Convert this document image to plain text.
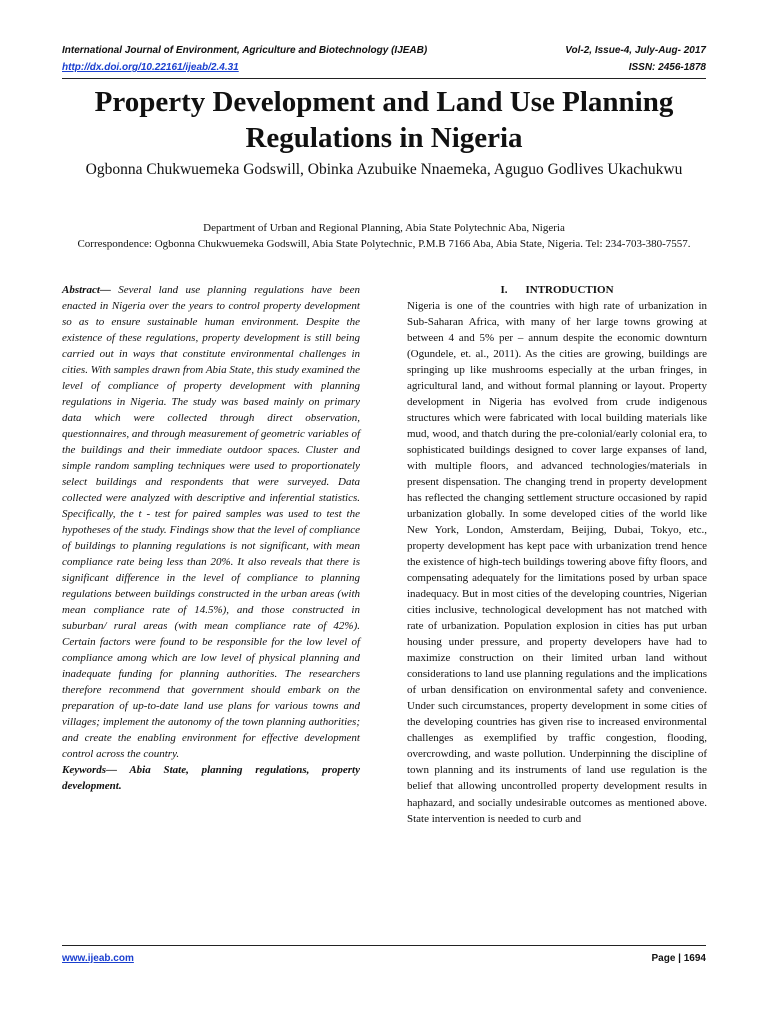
International Journal of Environment, Agriculture and Biotechnology (IJEAB)	Vol-2, Issue-4, July-Aug- 2017
http://dx.doi.org/10.22161/ijeab/2.4.31	ISSN: 2456-1878
Property Development and Land Use Planning Regulations in Nigeria
Ogbonna Chukwuemeka Godswill, Obinka Azubuike Nnaemeka, Aguguo Godlives Ukachukwu
Department of Urban and Regional Planning, Abia State Polytechnic Aba, Nigeria
Correspondence: Ogbonna Chukwuemeka Godswill, Abia State Polytechnic, P.M.B 7166 Aba, Abia State, Nigeria. Tel: 234-703-380-7557.

Abstract— Several land use planning regulations have been enacted in Nigeria over the years to control property development so as to ensure sustainable human environment. Despite the existence of these regulations, property development is still being carried out in ways that constitute environmental challenges in cities. With samples drawn from Abia State, this study examined the level of compliance of property development with planning regulations in Nigeria. The study was based mainly on primary data which were collected through direct observation, questionnaires, and through measurement of geometric variables of the buildings and their immediate outdoor spaces. Cluster and simple random sampling techniques were used to proportionately select buildings and respondents that were surveyed. Data collected were analyzed with descriptive and inferential statistics. Specifically, the t - test for paired samples was used to test the hypotheses of the study. Findings show that the level of compliance of buildings to planning regulations is not significant, with mean compliance rate being less than 20%. It also reveals that there is significant difference in the level of compliance to planning regulations between buildings constructed in the urban areas (with mean compliance rate of 14.5%), and those constructed in suburban/ rural areas (with mean compliance rate of 42%). Certain factors were found to be responsible for the low level of compliance among which are low level of physical planning and inadequate funding for planning authorities. The researchers therefore recommend that government should embark on the preparation of up-to-date land use plans for various towns and villages; implement the autonomy of the town planning authorities; and create the enabling environment for effective development control across the country.

Keywords— Abia State, planning regulations, property development.

I. INTRODUCTION

Nigeria is one of the countries with high rate of urbanization in Sub-Saharan Africa, with many of her large towns growing at between 4 and 5% per – annum despite the economic downturn (Ogundele, et. al., 2011). As the cities are growing, buildings are springing up like mushrooms especially at the urban fringes, in agricultural land, and without formal planning or layout. Property development in Nigeria has evolved from crude indigenous structures which were fabricated with local building materials like mud, wood, and thatch during the pre-colonial/early colonial era, to sophisticated buildings designed to cover large expanses of land, with multiple floors, and advanced technologies/materials in present dispensation. The changing trend in property development has reflected the changing settlement structure occasioned by rapid urbanization globally. In some developed cities of the world like New York, London, Amsterdam, Beijing, Dubai, Tokyo, etc., property development has kept pace with urbanization trend hence the existence of high-tech buildings towering above fifty floors, and compensating adequately for the limitations posed by urban space inadequacy. But in most cities of the developing countries, Nigerian cities inclusive, technological development has not matched with rate of urbanization. Population explosion in cities has put urban housing under pressure, and property developers have had to maximize construction on their limited urban land without considerations to land use planning regulations and the implications of urban densification on environmental safety and convenience. Under such circumstances, property development in some cities of the developing countries has given rise to increased environmental challenges as exemplified by traffic congestion, flooding, overcrowding, and waste pollution. Underpinning the discipline of town planning and its instruments of land use regulation is the belief that allowing uncontrolled property development results in haphazard, and socially undesirable outcomes as mentioned above. State intervention is needed to curb and

www.ijeab.com	Page | 1694
